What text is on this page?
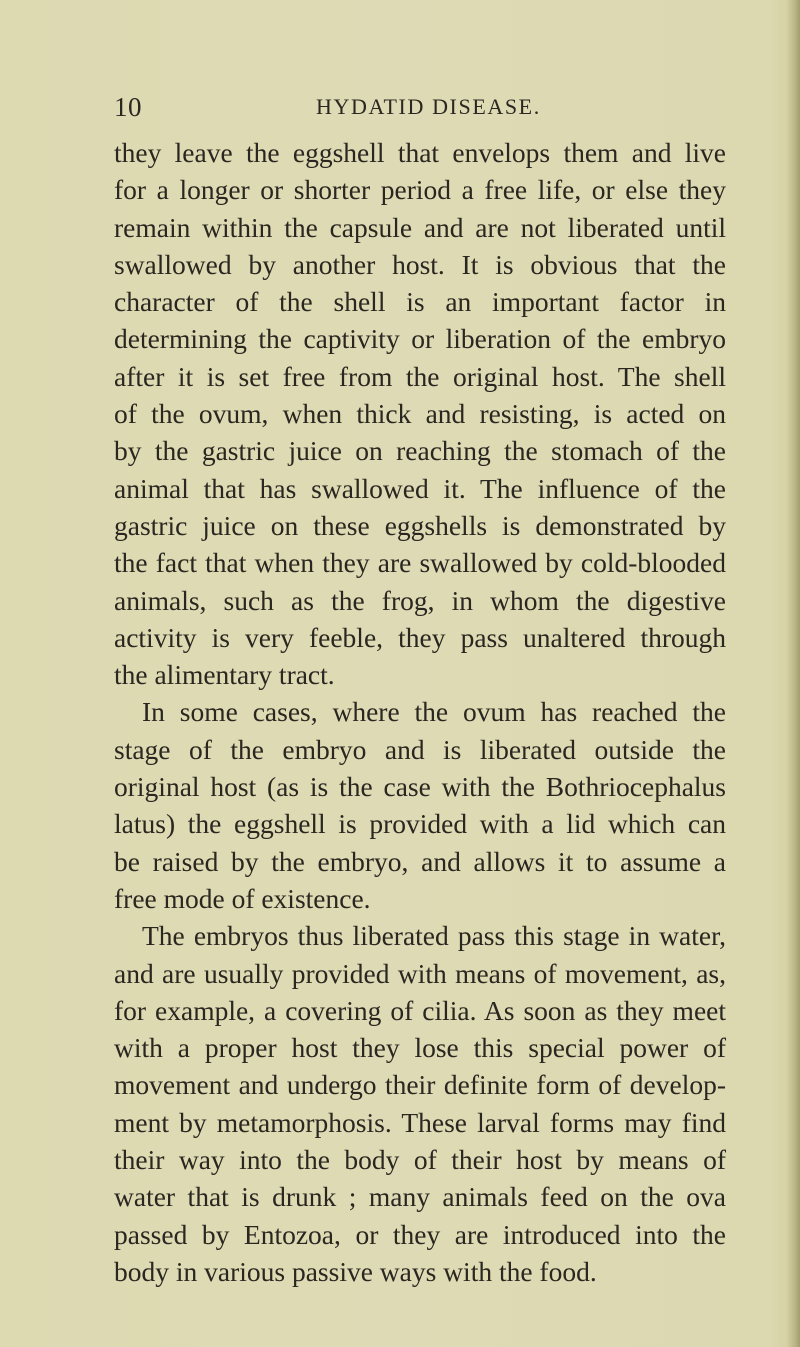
10	HYDATID DISEASE.
they leave the eggshell that envelops them and live
for a longer or shorter period a free life, or else they
remain within the capsule and are not liberated until
swallowed by another host. It is obvious that the
character of the shell is an important factor in
determining the captivity or liberation of the embryo
after it is set free from the original host. The shell
of the ovum, when thick and resisting, is acted on
by the gastric juice on reaching the stomach of the
animal that has swallowed it. The influence of the
gastric juice on these eggshells is demonstrated by
the fact that when they are swallowed by cold-blooded
animals, such as the frog, in whom the digestive
activity is very feeble, they pass unaltered through
the alimentary tract.
In some cases, where the ovum has reached the
stage of the embryo and is liberated outside the
original host (as is the case with the Bothriocephalus
latus) the eggshell is provided with a lid which can
be raised by the embryo, and allows it to assume a
free mode of existence.
The embryos thus liberated pass this stage in water,
and are usually provided with means of movement, as,
for example, a covering of cilia. As soon as they meet
with a proper host they lose this special power of
movement and undergo their definite form of develop-
ment by metamorphosis. These larval forms may find
their way into the body of their host by means of
water that is drunk ; many animals feed on the ova
passed by Entozoa, or they are introduced into the
body in various passive ways with the food.
